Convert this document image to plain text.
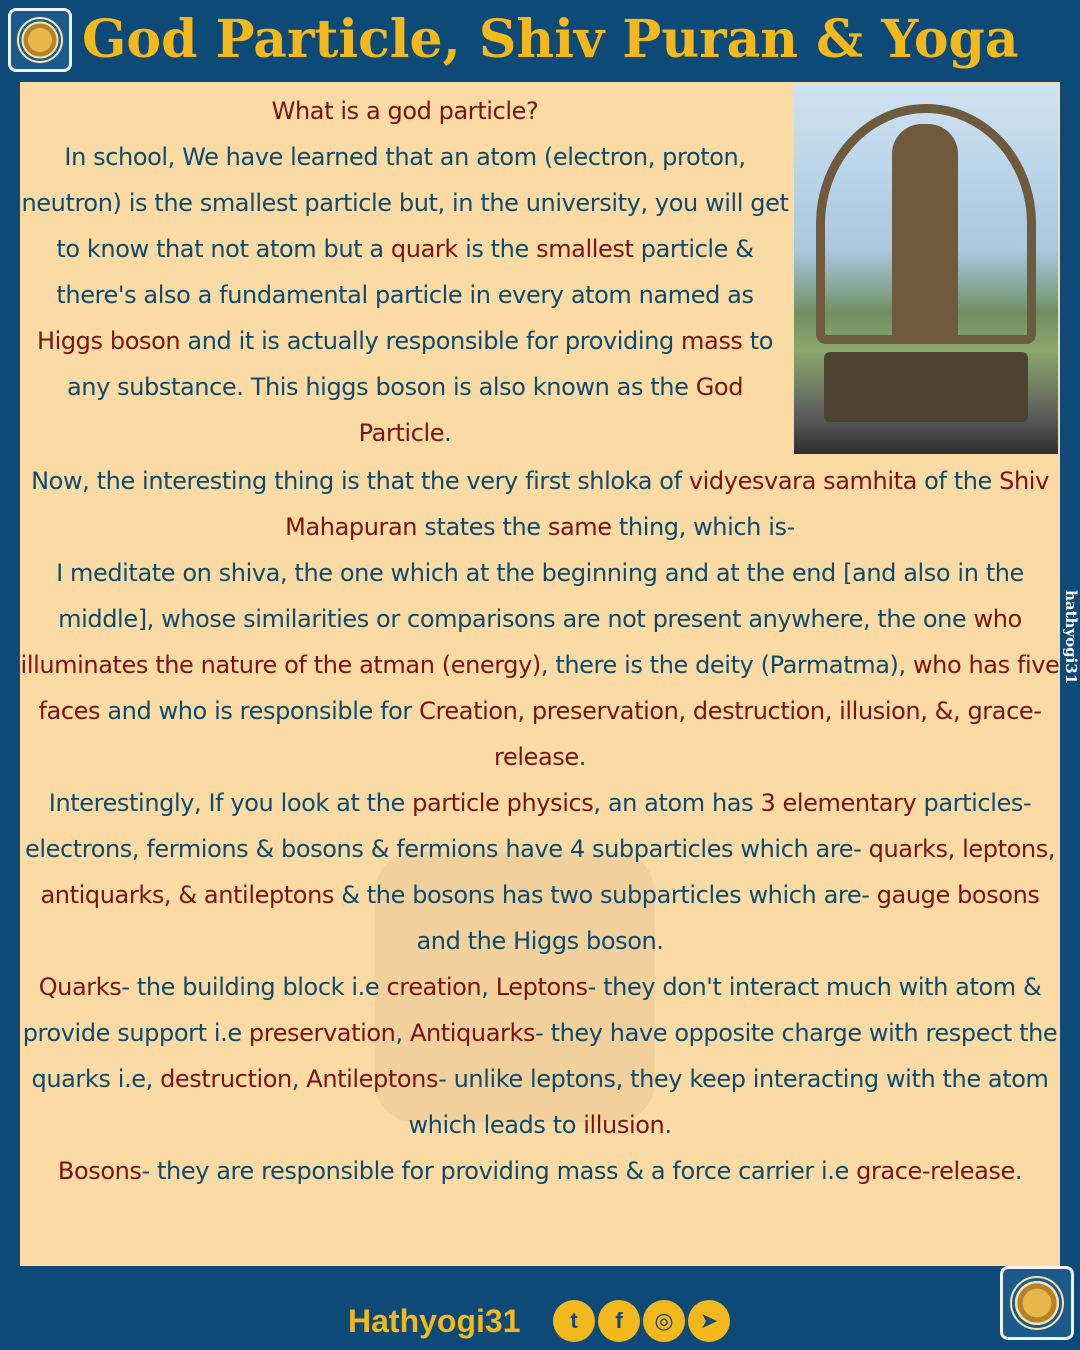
God Particle, Shiv Puran & Yoga
What is a god particle?
In school, We have learned that an atom (electron, proton, neutron) is the smallest particle but, in the university, you will get to know that not atom but a quark is the smallest particle & there's also a fundamental particle in every atom named as Higgs boson and it is actually responsible for providing mass to any substance. This higgs boson is also known as the God Particle.
Now, the interesting thing is that the very first shloka of vidyesvara samhita of the Shiv Mahapuran states the same thing, which is-
I meditate on shiva, the one which at the beginning and at the end [and also in the middle], whose similarities or comparisons are not present anywhere, the one who illuminates the nature of the atman (energy), there is the deity (Parmatma), who has five faces and who is responsible for Creation, preservation, destruction, illusion, &, grace-release.
Interestingly, If you look at the particle physics, an atom has 3 elementary particles- electrons, fermions & bosons & fermions have 4 subparticles which are- quarks, leptons, antiquarks, & antileptons & the bosons has two subparticles which are- gauge bosons and the Higgs boson.
Quarks- the building block i.e creation, Leptons- they don't interact much with atom & provide support i.e preservation, Antiquarks- they have opposite charge with respect the quarks i.e, destruction, Antileptons- unlike leptons, they keep interacting with the atom which leads to illusion.
Bosons- they are responsible for providing mass & a force carrier i.e grace-release.
hathyogi31
Hathyogi31	t	f	◎	➤
